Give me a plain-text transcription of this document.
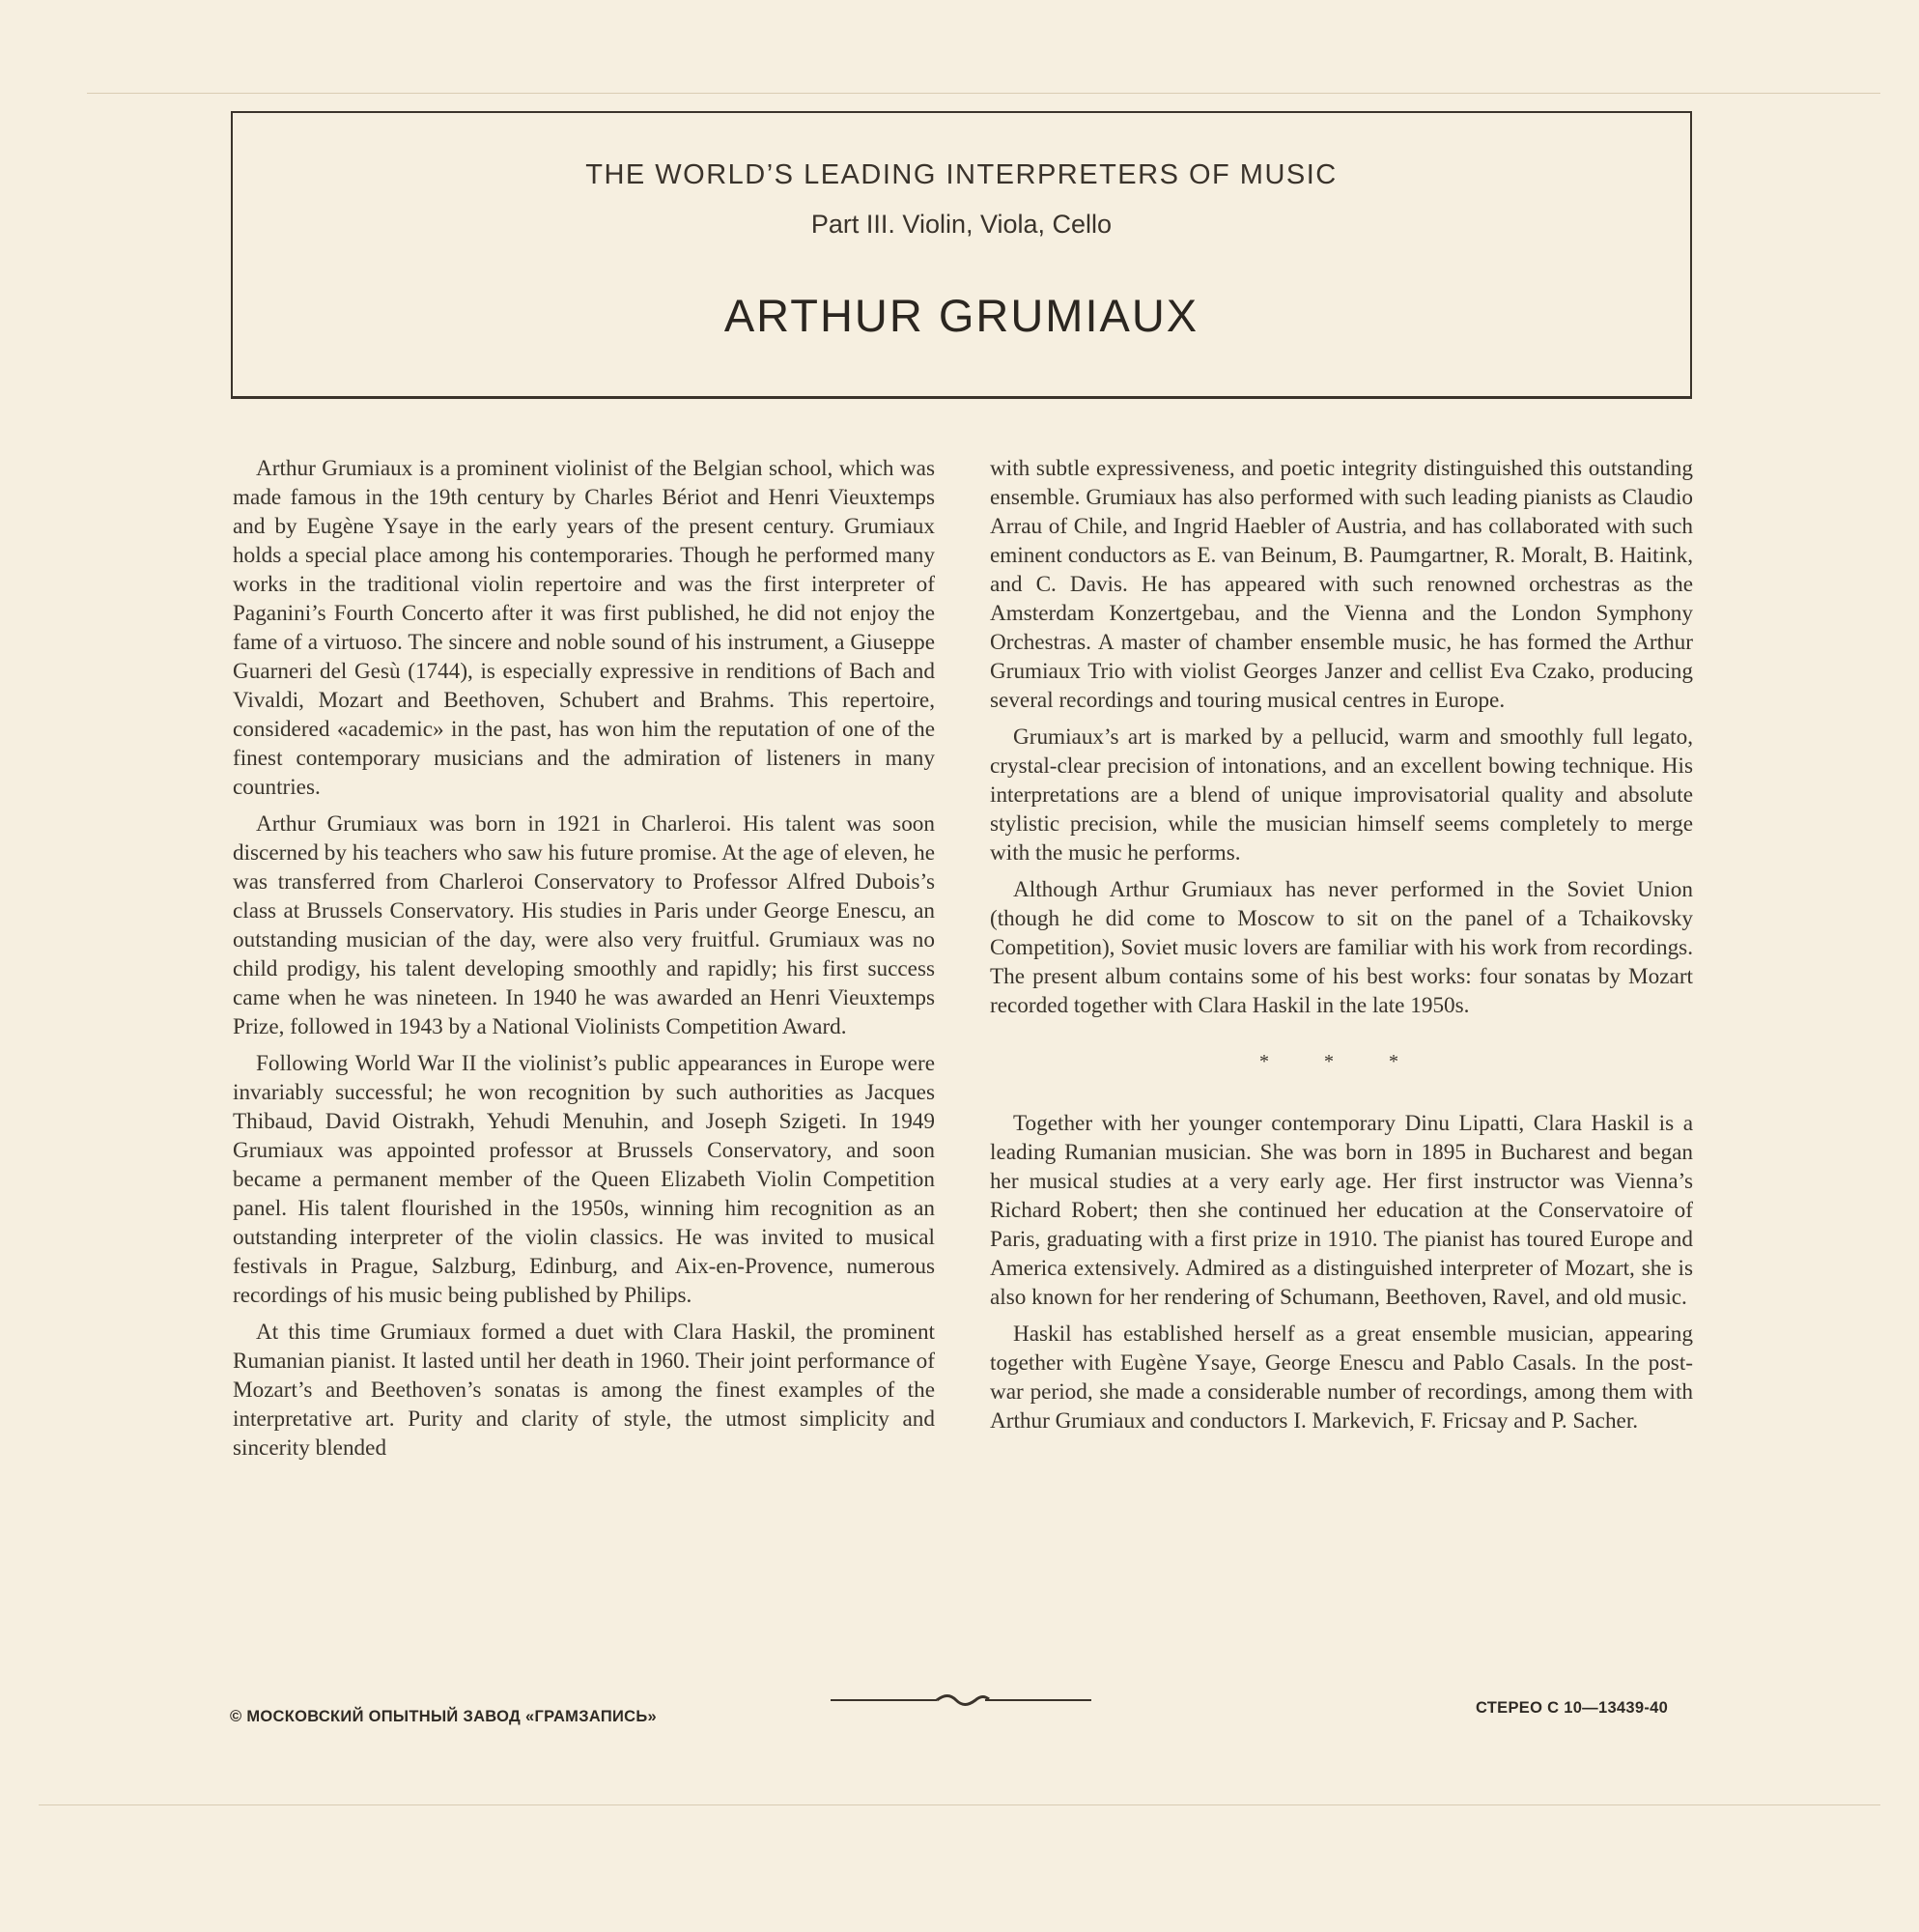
THE WORLD’S LEADING INTERPRETERS OF MUSIC
Part III. Violin, Viola, Cello
ARTHUR GRUMIAUX

Arthur Grumiaux is a prominent violinist of the Belgian school, which was made famous in the 19th century by Charles Bériot and Henri Vieuxtemps and by Eugène Ysaye in the early years of the present century. Grumiaux holds a special place among his contemporaries. Though he performed many works in the traditional violin repertoire and was the first interpreter of Paganini’s Fourth Concerto after it was first published, he did not enjoy the fame of a virtuoso. The sincere and noble sound of his instrument, a Giuseppe Guarneri del Gesù (1744), is especially expressive in renditions of Bach and Vivaldi, Mozart and Beethoven, Schubert and Brahms. This repertoire, considered «academic» in the past, has won him the reputation of one of the finest contemporary musicians and the admiration of listeners in many countries.

Arthur Grumiaux was born in 1921 in Charleroi. His talent was soon discerned by his teachers who saw his future promise. At the age of eleven, he was transferred from Charleroi Conservatory to Professor Alfred Dubois’s class at Brussels Conservatory. His studies in Paris under George Enescu, an outstanding musician of the day, were also very fruitful. Grumiaux was no child prodigy, his talent developing smoothly and rapidly; his first success came when he was nineteen. In 1940 he was awarded an Henri Vieuxtemps Prize, followed in 1943 by a National Violinists Competition Award.

Following World War II the violinist’s public appearances in Europe were invariably successful; he won recognition by such authorities as Jacques Thibaud, David Oistrakh, Yehudi Menuhin, and Joseph Szigeti. In 1949 Grumiaux was appointed professor at Brussels Conservatory, and soon became a permanent member of the Queen Elizabeth Violin Competition panel. His talent flourished in the 1950s, winning him recognition as an outstanding interpreter of the violin classics. He was invited to musical festivals in Prague, Salzburg, Edinburg, and Aix-en-Provence, numerous recordings of his music being published by Philips.

At this time Grumiaux formed a duet with Clara Haskil, the prominent Rumanian pianist. It lasted until her death in 1960. Their joint performance of Mozart’s and Beethoven’s sonatas is among the finest examples of the interpretative art. Purity and clarity of style, the utmost simplicity and sincerity blended

with subtle expressiveness, and poetic integrity distinguished this outstanding ensemble. Grumiaux has also performed with such leading pianists as Claudio Arrau of Chile, and Ingrid Haebler of Austria, and has collaborated with such eminent conductors as E. van Beinum, B. Paumgartner, R. Moralt, B. Haitink, and C. Davis. He has appeared with such renowned orchestras as the Amsterdam Konzertgebau, and the Vienna and the London Symphony Orchestras. A master of chamber ensemble music, he has formed the Arthur Grumiaux Trio with violist Georges Janzer and cellist Eva Czako, producing several recordings and touring musical centres in Europe.

Grumiaux’s art is marked by a pellucid, warm and smoothly full legato, crystal-clear precision of intonations, and an excellent bowing technique. His interpretations are a blend of unique improvisatorial quality and absolute stylistic precision, while the musician himself seems completely to merge with the music he performs.

Although Arthur Grumiaux has never performed in the Soviet Union (though he did come to Moscow to sit on the panel of a Tchaikovsky Competition), Soviet music lovers are familiar with his work from recordings. The present album contains some of his best works: four sonatas by Mozart recorded together with Clara Haskil in the late 1950s.

* * *

Together with her younger contemporary Dinu Lipatti, Clara Haskil is a leading Rumanian musician. She was born in 1895 in Bucharest and began her musical studies at a very early age. Her first instructor was Vienna’s Richard Robert; then she continued her education at the Conservatoire of Paris, graduating with a first prize in 1910. The pianist has toured Europe and America extensively. Admired as a distinguished interpreter of Mozart, she is also known for her rendering of Schumann, Beethoven, Ravel, and old music.

Haskil has established herself as a great ensemble musician, appearing together with Eugène Ysaye, George Enescu and Pablo Casals. In the post-war period, she made a considerable number of recordings, among them with Arthur Grumiaux and conductors I. Markevich, F. Fricsay and P. Sacher.

© МОСКОВСКИЙ ОПЫТНЫЙ ЗАВОД «ГРАМЗАПИСЬ»	СТЕРЕО С 10—13439-40
